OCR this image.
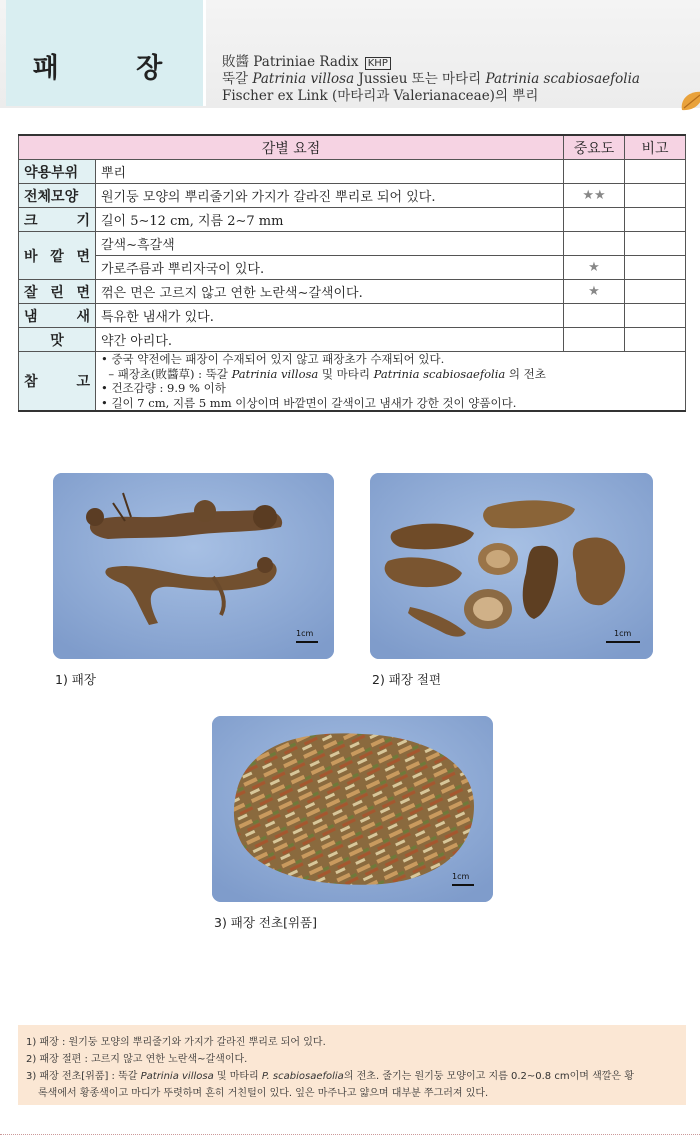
패 장	敗醬 Patriniae Radix KHP
뚝갈 Patrinia villosa Jussieu 또는 마타리 Patrinia scabiosaefolia
Fischer ex Link (마타리과 Valerianaceae)의 뿌리
감별 요점		중요도	비고
약용부위	뿌리		
전체모양	원기둥 모양의 뿌리줄기와 가지가 갈라진 뿌리로 되어 있다.	★★	
크 기	길이 5∼12 cm, 지름 2∼7 mm		
바 깥 면	갈색∼흑갈색		
	가로주름과 뿌리자국이 있다.	★	
잘 린 면	꺾은 면은 고르지 않고 연한 노란색∼갈색이다.	★	
냄 새	특유한 냄새가 있다.		
맛	약간 아리다.		
참 고	• 중국 약전에는 패장이 수재되어 있지 않고 패장초가 수재되어 있다.
– 패장초(敗醬草) : 뚝갈 Patrinia villosa 및 마타리 Patrinia scabiosaefolia 의 전초
• 건조감량 : 9.9 % 이하
• 길이 7 cm, 지름 5 mm 이상이며 바깥면이 갈색이고 냄새가 강한 것이 양품이다.		
1cm	1cm
1cm
1) 패장	2) 패장 절편
3) 패장 전초[위품]
1) 패장 : 원기둥 모양의 뿌리줄기와 가지가 갈라진 뿌리로 되어 있다.
2) 패장 절편 : 고르지 않고 연한 노란색~갈색이다.
3) 패장 전초[위품] : 뚝갈 Patrinia villosa 및 마타리 P. scabiosaefolia의 전초. 줄기는 원기둥 모양이고 지름 0.2~0.8 cm이며 색깔은 황
록색에서 황종색이고 마디가 뚜렷하며 흔히 거친털이 있다. 잎은 마주나고 얇으며 대부분 쭈그러져 있다.
